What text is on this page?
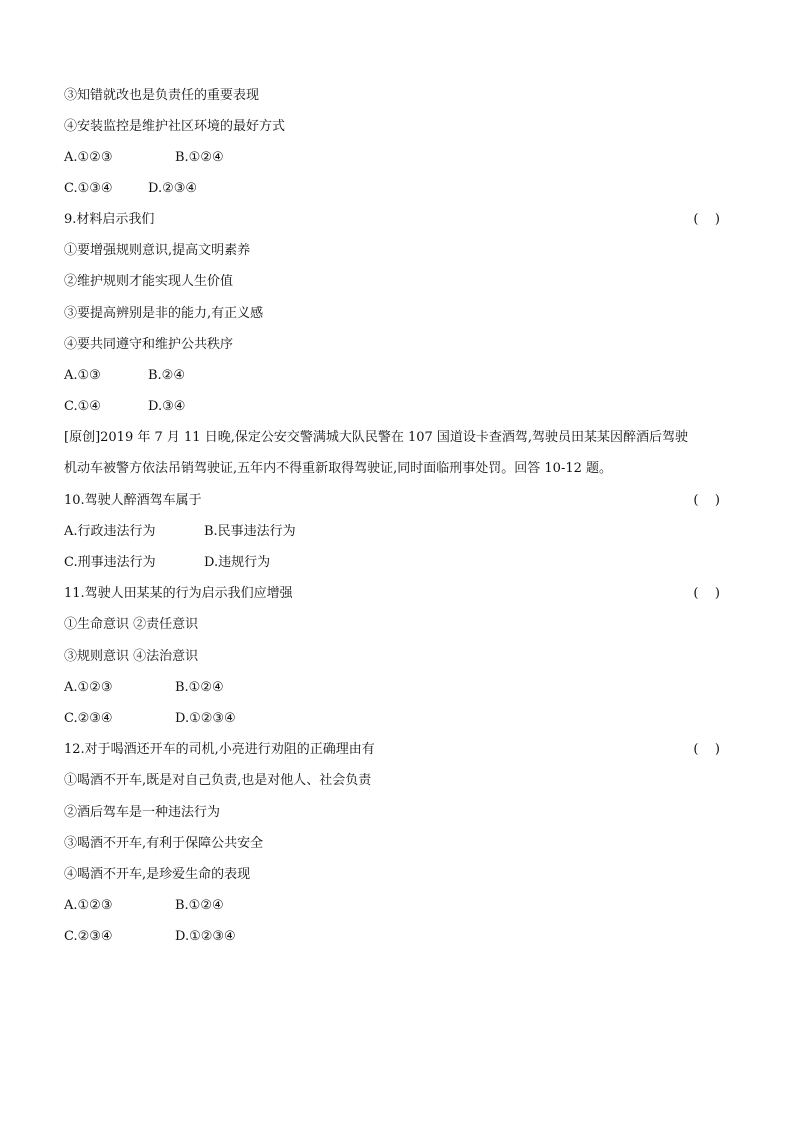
③知错就改也是负责任的重要表现
④安装监控是维护社区环境的最好方式
A.①②③	B.①②④
C.①③④	D.②③④
9.材料启示我们	(    )
①要增强规则意识,提高文明素养
②维护规则才能实现人生价值
③要提高辨别是非的能力,有正义感
④要共同遵守和维护公共秩序
A.①③	B.②④
C.①④	D.③④
[原创]2019 年 7 月 11 日晚,保定公安交警满城大队民警在 107 国道设卡查酒驾,驾驶员田某某因醉酒后驾驶
机动车被警方依法吊销驾驶证,五年内不得重新取得驾驶证,同时面临刑事处罚。回答 10-12 题。
10.驾驶人醉酒驾车属于	(    )
A.行政违法行为	B.民事违法行为
C.刑事违法行为	D.违规行为
11.驾驶人田某某的行为启示我们应增强	(    )
①生命意识 ②责任意识
③规则意识 ④法治意识
A.①②③	B.①②④
C.②③④	D.①②③④
12.对于喝酒还开车的司机,小亮进行劝阻的正确理由有	(    )
①喝酒不开车,既是对自己负责,也是对他人、社会负责
②酒后驾车是一种违法行为
③喝酒不开车,有利于保障公共安全
④喝酒不开车,是珍爱生命的表现
A.①②③	B.①②④
C.②③④	D.①②③④
